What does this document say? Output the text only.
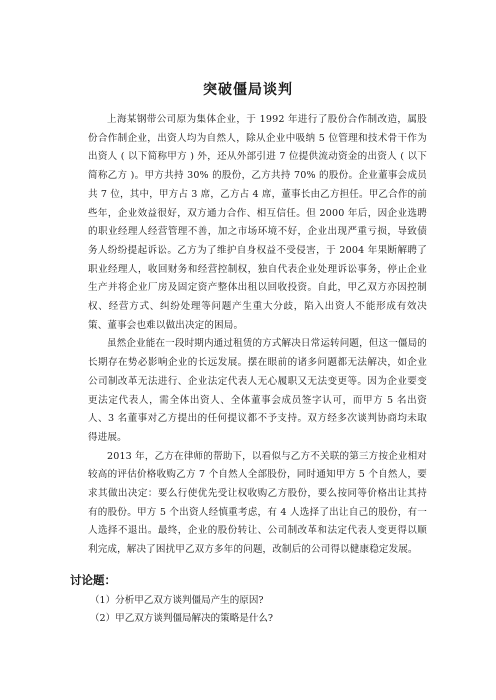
突破僵局谈判

上海某钢带公司原为集体企业，于 1992 年进行了股份合作制改造，属股份合作制企业，出资人均为自然人，除从企业中吸纳 5 位管理和技术骨干作为出资人 ( 以下简称甲方 ) 外，还从外部引进 7 位提供流动资金的出资人 ( 以下简称乙方 )。甲方共持 30% 的股份，乙方共持 70% 的股份。企业董事会成员共 7 位，其中，甲方占 3 席，乙方占 4 席，董事长由乙方担任。甲乙合作的前些年，企业效益很好，双方通力合作、相互信任。但 2000 年后，因企业选聘的职业经理人经营管理不善，加之市场环境不好，企业出现严重亏损，导致债务人纷纷提起诉讼。乙方为了维护自身权益不受侵害，于 2004 年果断解聘了职业经理人，收回财务和经营控制权，独自代表企业处理诉讼事务，停止企业生产并将企业厂房及固定资产整体出租以回收投资。自此，甲乙双方亦因控制权、经营方式、纠纷处理等问题产生重大分歧，陷入出资人不能形成有效决策、董事会也难以做出决定的困局。

虽然企业能在一段时期内通过租赁的方式解决日常运转问题，但这一僵局的长期存在势必影响企业的长远发展。摆在眼前的诸多问题都无法解决，如企业公司制改革无法进行、企业法定代表人无心履职又无法变更等。因为企业要变更法定代表人，需全体出资人、全体董事会成员签字认可，而甲方 5 名出资人、3 名董事对乙方提出的任何提议都不予支持。双方经多次谈判协商均未取得进展。

2013 年，乙方在律师的帮助下，以看似与乙方不关联的第三方按企业相对较高的评估价格收购乙方 7 个自然人全部股份，同时通知甲方 5 个自然人，要求其做出决定：要么行使优先受让权收购乙方股份，要么按同等价格出让其持有的股份。甲方 5 个出资人经慎重考虑，有 4 人选择了出让自己的股份，有一人选择不退出。最终，企业的股份转让、公司制改革和法定代表人变更得以顺利完成，解决了困扰甲乙双方多年的问题，改制后的公司得以健康稳定发展。

讨论题：
（1）分析甲乙双方谈判僵局产生的原因?
（2）甲乙双方谈判僵局解决的策略是什么?
